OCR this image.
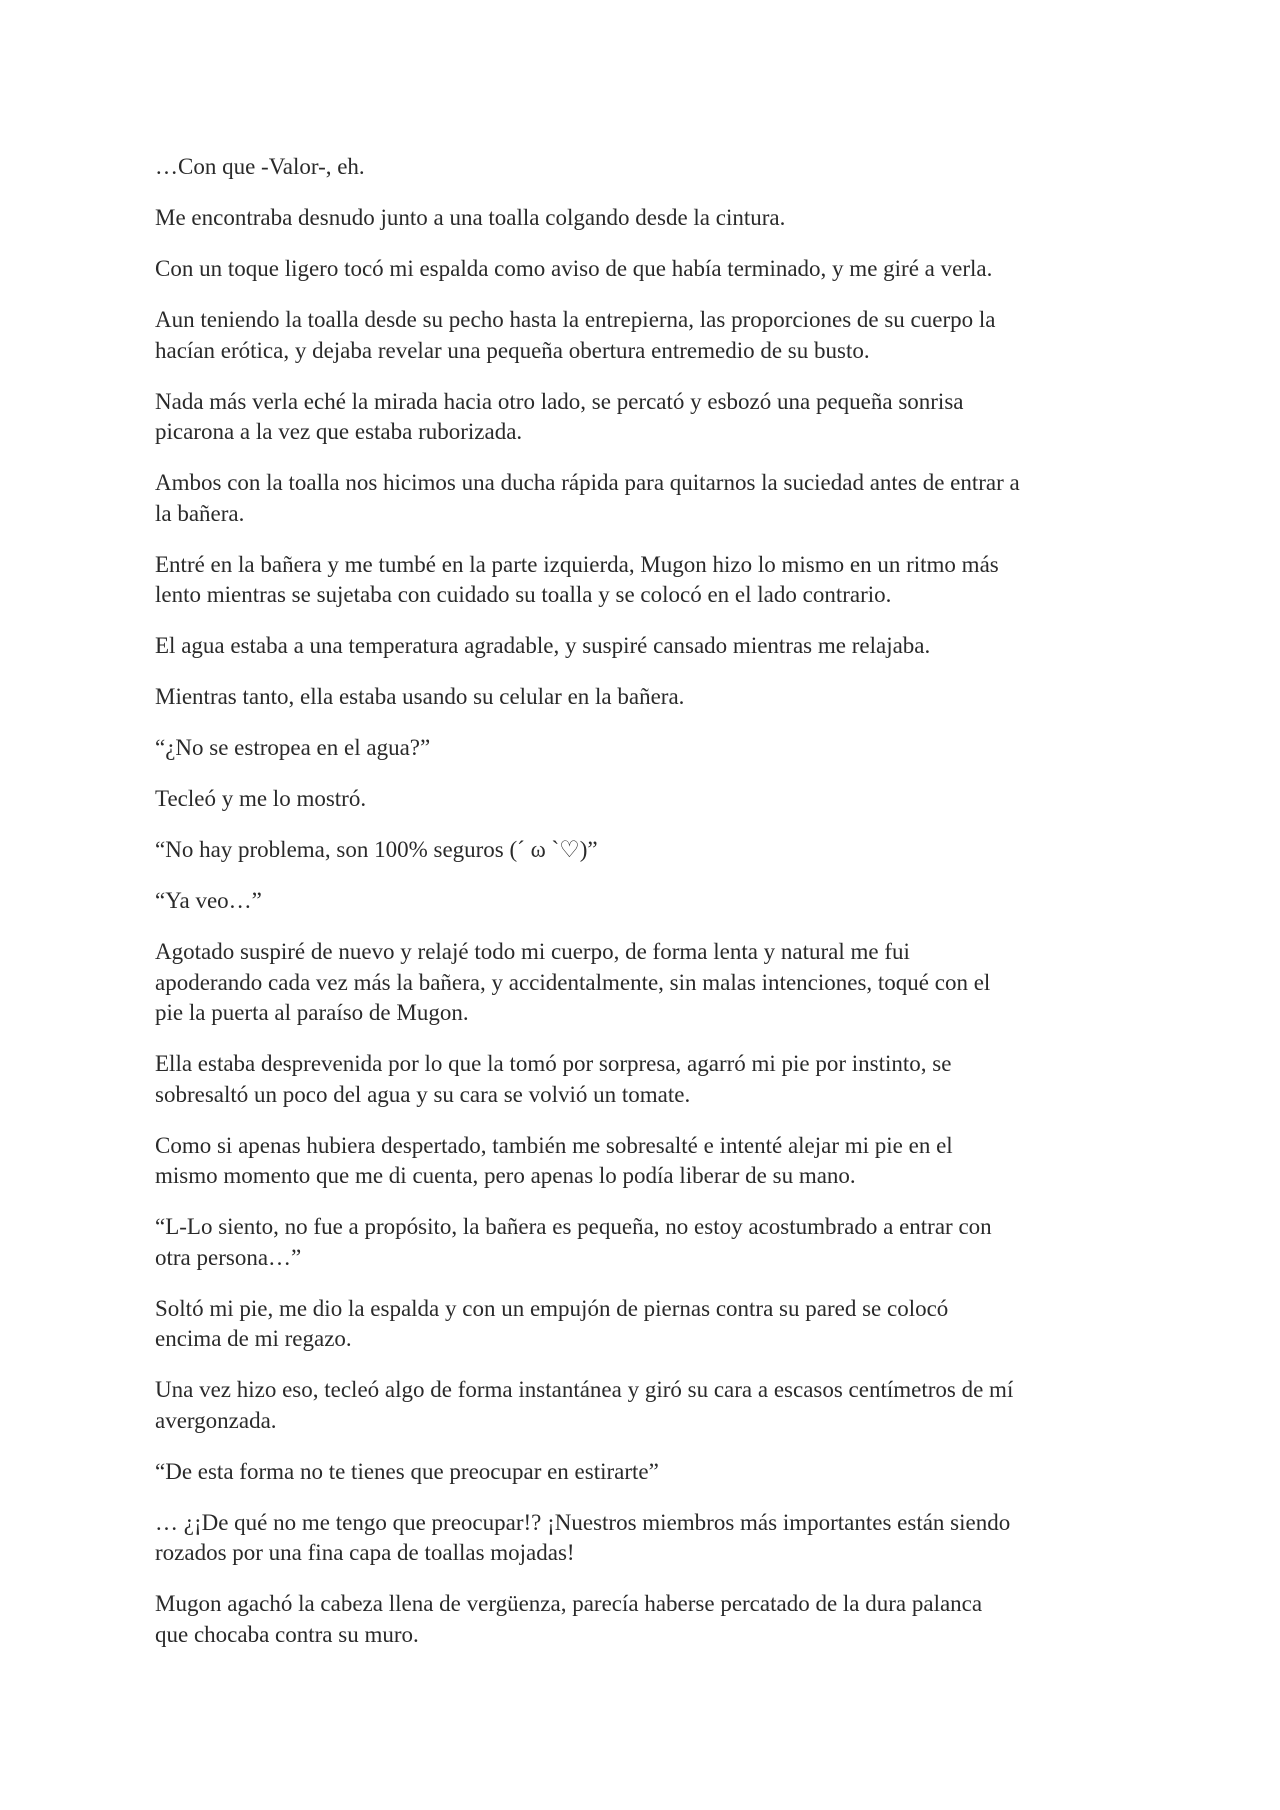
…Con que -Valor-, eh.

Me encontraba desnudo junto a una toalla colgando desde la cintura.

Con un toque ligero tocó mi espalda como aviso de que había terminado, y me giré a verla.

Aun teniendo la toalla desde su pecho hasta la entrepierna, las proporciones de su cuerpo la
hacían erótica, y dejaba revelar una pequeña obertura entremedio de su busto.

Nada más verla eché la mirada hacia otro lado, se percató y esbozó una pequeña sonrisa
picarona a la vez que estaba ruborizada.

Ambos con la toalla nos hicimos una ducha rápida para quitarnos la suciedad antes de entrar a
la bañera.

Entré en la bañera y me tumbé en la parte izquierda, Mugon hizo lo mismo en un ritmo más
lento mientras se sujetaba con cuidado su toalla y se colocó en el lado contrario.

El agua estaba a una temperatura agradable, y suspiré cansado mientras me relajaba.

Mientras tanto, ella estaba usando su celular en la bañera.

“¿No se estropea en el agua?”

Tecleó y me lo mostró.

“No hay problema, son 100% seguros (´ ω `♡)”

“Ya veo…”

Agotado suspiré de nuevo y relajé todo mi cuerpo, de forma lenta y natural me fui
apoderando cada vez más la bañera, y accidentalmente, sin malas intenciones, toqué con el
pie la puerta al paraíso de Mugon.

Ella estaba desprevenida por lo que la tomó por sorpresa, agarró mi pie por instinto, se
sobresaltó un poco del agua y su cara se volvió un tomate.

Como si apenas hubiera despertado, también me sobresalté e intenté alejar mi pie en el
mismo momento que me di cuenta, pero apenas lo podía liberar de su mano.

“L-Lo siento, no fue a propósito, la bañera es pequeña, no estoy acostumbrado a entrar con
otra persona…”

Soltó mi pie, me dio la espalda y con un empujón de piernas contra su pared se colocó
encima de mi regazo.

Una vez hizo eso, tecleó algo de forma instantánea y giró su cara a escasos centímetros de mí
avergonzada.

“De esta forma no te tienes que preocupar en estirarte”

… ¿¡De qué no me tengo que preocupar!? ¡Nuestros miembros más importantes están siendo
rozados por una fina capa de toallas mojadas!

Mugon agachó la cabeza llena de vergüenza, parecía haberse percatado de la dura palanca
que chocaba contra su muro.
